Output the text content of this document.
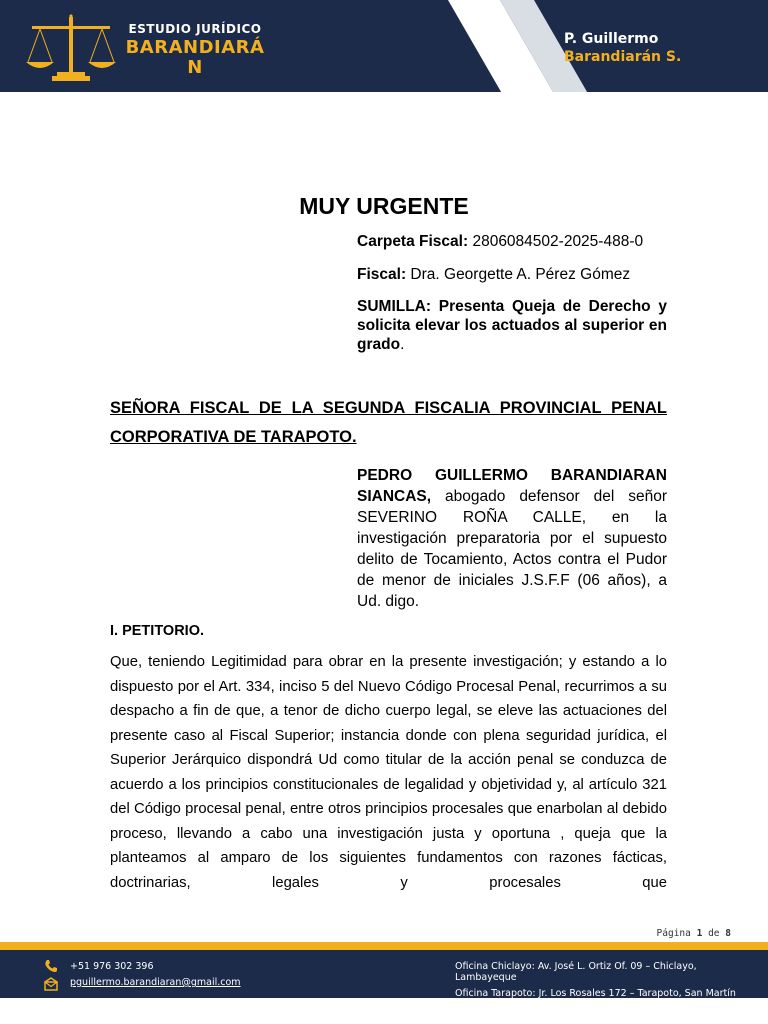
ESTUDIO JURÍDICO
BARANDIARÁ N
P. Guillermo
Barandiarán S.
MUY URGENTE
Carpeta Fiscal: 2806084502-2025-488-0
Fiscal: Dra. Georgette A. Pérez Gómez
SUMILLA: Presenta Queja de Derecho y solicita elevar los actuados al superior en grado.
SEÑORA FISCAL DE LA SEGUNDA FISCALIA PROVINCIAL PENAL CORPORATIVA DE TARAPOTO.
PEDRO GUILLERMO BARANDIARAN SIANCAS, abogado defensor del señor SEVERINO ROÑA CALLE, en la investigación preparatoria por el supuesto delito de Tocamiento, Actos contra el Pudor de menor de iniciales J.S.F.F (06 años), a Ud. digo.
I. PETITORIO.
Que, teniendo Legitimidad para obrar en la presente investigación; y estando a lo dispuesto por el Art. 334, inciso 5 del Nuevo Código Procesal Penal, recurrimos a su despacho a fin de que, a tenor de dicho cuerpo legal, se eleve las actuaciones del presente caso al Fiscal Superior; instancia donde con plena seguridad jurídica, el Superior Jerárquico dispondrá Ud como titular de la acción penal se conduzca de acuerdo a los principios constitucionales de legalidad y objetividad y, al artículo 321 del Código procesal penal, entre otros principios procesales que enarbolan al debido proceso, llevando a cabo una investigación justa y oportuna , queja que la planteamos al amparo de los siguientes fundamentos con razones fácticas, doctrinarias, legales y procesales que
Página 1 de 8
+51 976 302 396
pguillermo.barandiaran@gmail.com
Oficina Chiclayo: Av. José L. Ortiz Of. 09 – Chiclayo, Lambayeque
Oficina Tarapoto: Jr. Los Rosales 172 – Tarapoto, San Martín
